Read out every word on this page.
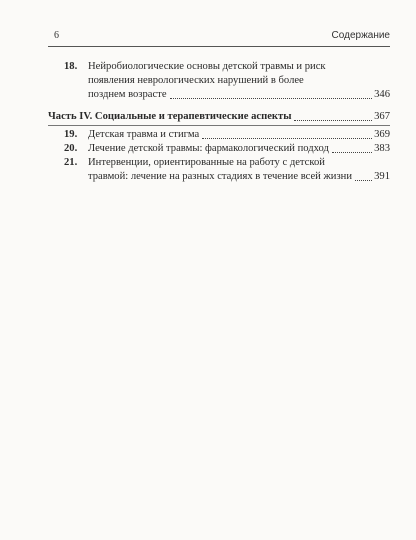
6	Содержание
18. Нейробиологические основы детской травмы и риск
появления неврологических нарушений в более
позднем возрасте	346
Часть IV. Социальные и терапевтические аспекты	367
19. Детская травма и стигма	369
20. Лечение детской травмы: фармакологический подход	383
21. Интервенции, ориентированные на работу с детской
травмой: лечение на разных стадиях в течение всей жизни 391
